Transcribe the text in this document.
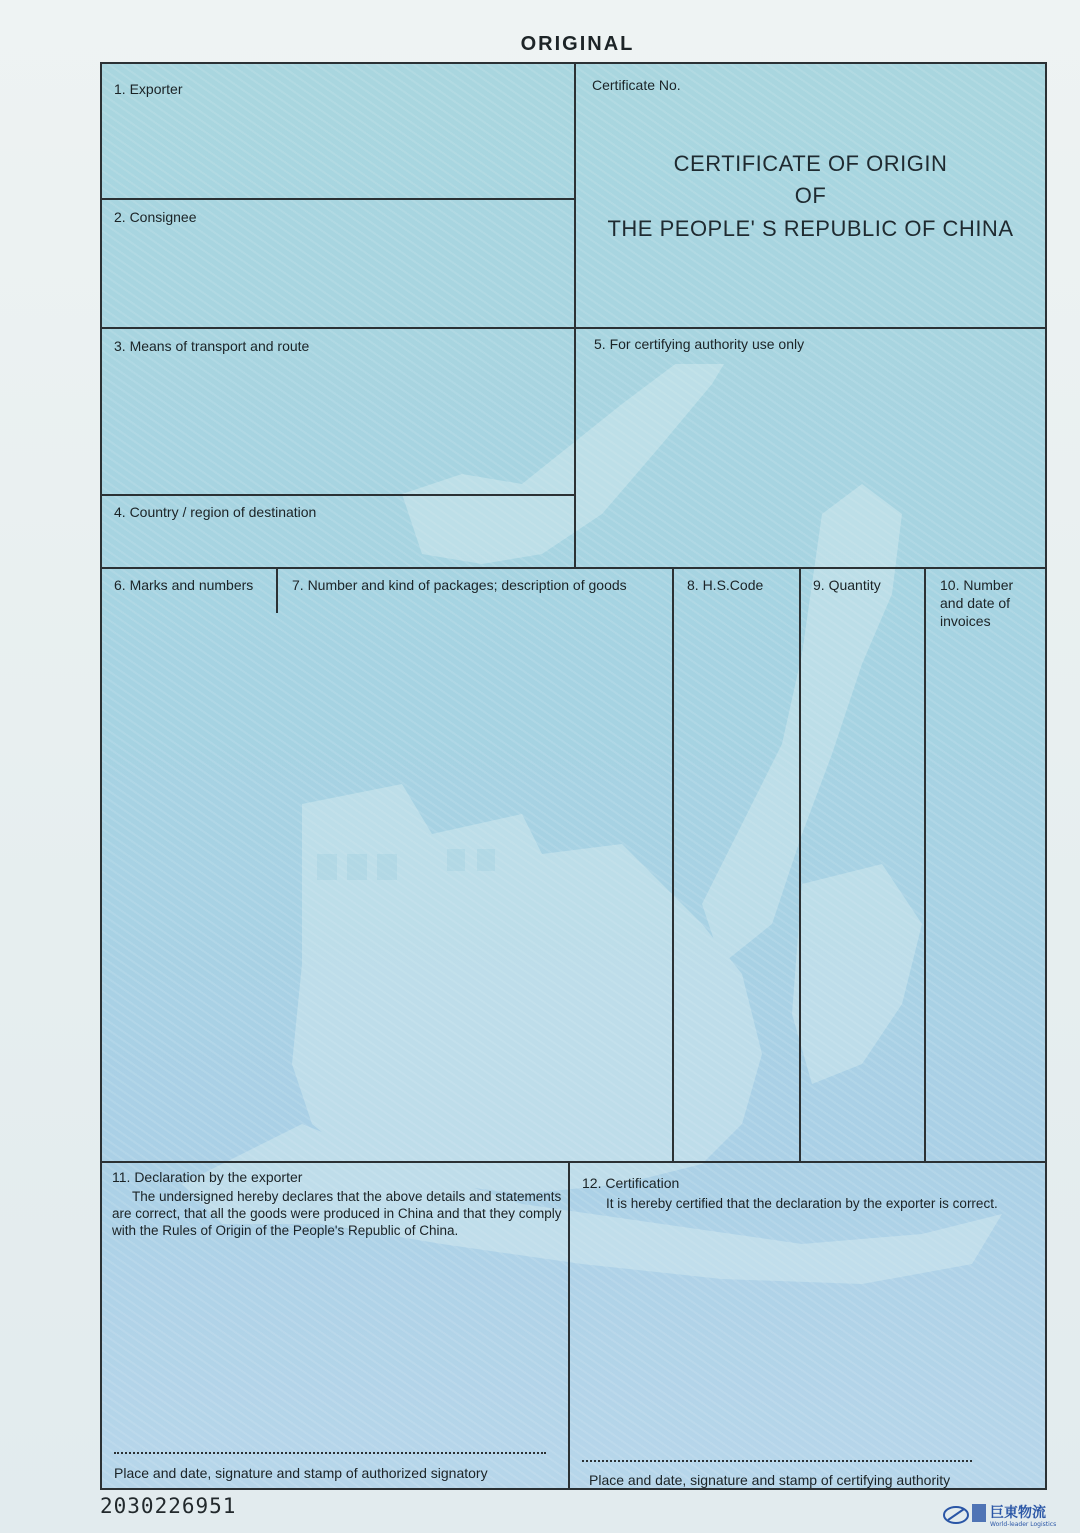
ORIGINAL
1. Exporter	Certificate No.
CERTIFICATE OF ORIGIN
OF
THE PEOPLE' S REPUBLIC OF CHINA
2. Consignee
3. Means of transport and route	5. For certifying authority use only
4. Country / region of destination
6. Marks and numbers	7. Number and kind of packages; description of goods	8. H.S.Code	9. Quantity	10. Number
and date of
invoices
11. Declaration by the exporter
The undersigned hereby declares that the above details and statements
are correct, that all the goods were produced in China and that they comply
with the Rules of Origin of the People's Republic of China.
Place and date, signature and stamp of authorized signatory
12. Certification
It is hereby certified that the declaration by the exporter is correct.
Place and date, signature and stamp of certifying authority
2030226951	巨東物流
World-leader Logistics
